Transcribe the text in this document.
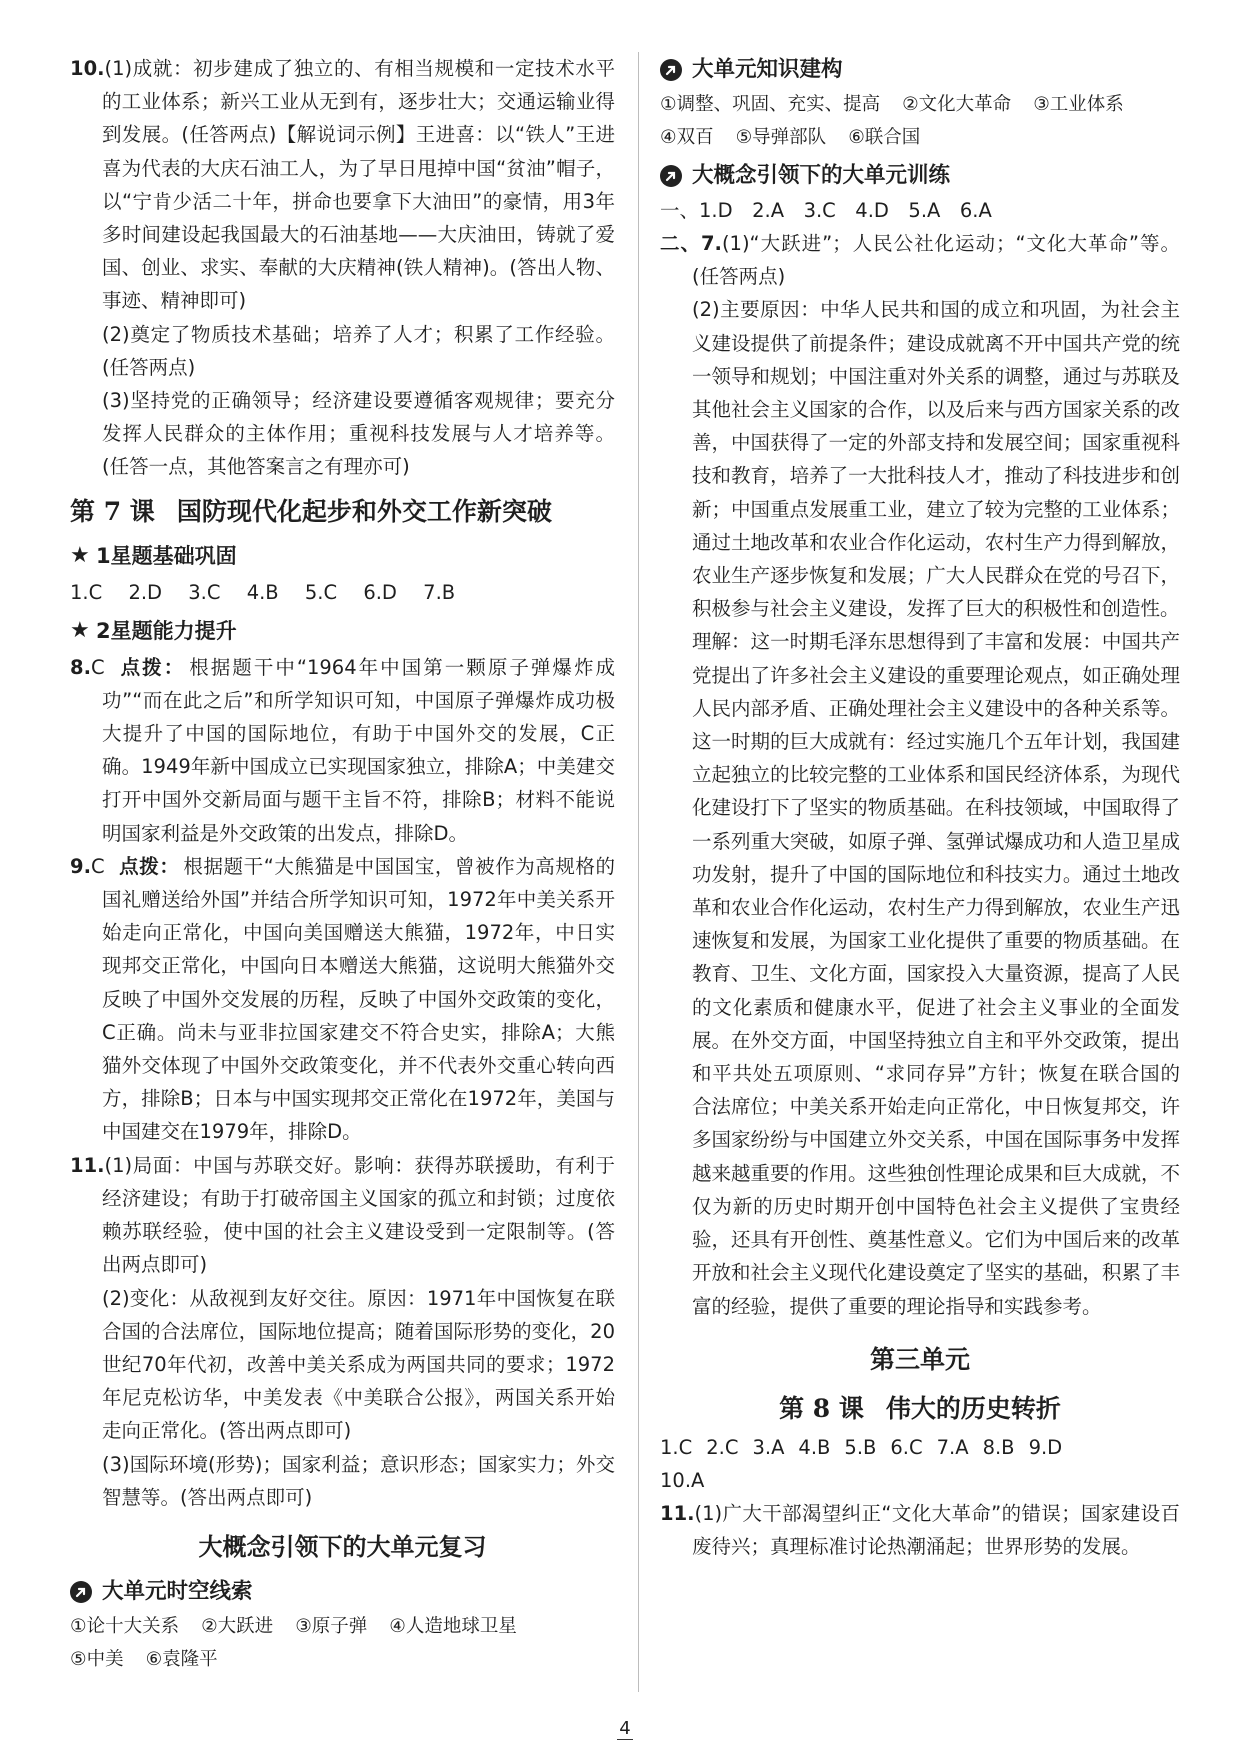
10.(1)成就：初步建成了独立的、有相当规模和一定技术水平的工业体系；新兴工业从无到有，逐步壮大；交通运输业得到发展。(任答两点)【解说词示例】王进喜：以“铁人”王进喜为代表的大庆石油工人，为了早日甩掉中国“贫油”帽子，以“宁肯少活二十年，拼命也要拿下大油田”的豪情，用3年多时间建设起我国最大的石油基地——大庆油田，铸就了爱国、创业、求实、奉献的大庆精神(铁人精神)。(答出人物、事迹、精神即可)

(2)奠定了物质技术基础；培养了人才；积累了工作经验。(任答两点)

(3)坚持党的正确领导；经济建设要遵循客观规律；要充分发挥人民群众的主体作用；重视科技发展与人才培养等。(任答一点，其他答案言之有理亦可)

第 7 课 国防现代化起步和外交工作新突破
★ 1星题基础巩固

1.C 2.D 3.C 4.B 5.C 6.D 7.B

★ 2星题能力提升

8.C 点拨： 根据题干中“1964年中国第一颗原子弹爆炸成功”“而在此之后”和所学知识可知，中国原子弹爆炸成功极大提升了中国的国际地位，有助于中国外交的发展，C正确。1949年新中国成立已实现国家独立，排除A；中美建交打开中国外交新局面与题干主旨不符，排除B；材料不能说明国家利益是外交政策的出发点，排除D。

9.C 点拨： 根据题干“大熊猫是中国国宝，曾被作为高规格的国礼赠送给外国”并结合所学知识可知，1972年中美关系开始走向正常化，中国向美国赠送大熊猫，1972年，中日实现邦交正常化，中国向日本赠送大熊猫，这说明大熊猫外交反映了中国外交发展的历程，反映了中国外交政策的变化，C正确。尚未与亚非拉国家建交不符合史实，排除A；大熊猫外交体现了中国外交政策变化，并不代表外交重心转向西方，排除B；日本与中国实现邦交正常化在1972年，美国与中国建交在1979年，排除D。

11.(1)局面：中国与苏联交好。影响：获得苏联援助，有利于经济建设；有助于打破帝国主义国家的孤立和封锁；过度依赖苏联经验，使中国的社会主义建设受到一定限制等。(答出两点即可)

(2)变化：从敌视到友好交往。原因：1971年中国恢复在联合国的合法席位，国际地位提高；随着国际形势的变化，20世纪70年代初，改善中美关系成为两国共同的要求；1972年尼克松访华，中美发表《中美联合公报》，两国关系开始走向正常化。(答出两点即可)

(3)国际环境(形势)；国家利益；意识形态；国家实力；外交智慧等。(答出两点即可)

大概念引领下的大单元复习
大单元时空线索

①论十大关系 ②大跃进 ③原子弹 ④人造地球卫星
⑤中美 ⑥袁隆平

大单元知识建构

①调整、巩固、充实、提高 ②文化大革命 ③工业体系
④双百 ⑤导弹部队 ⑥联合国

大概念引领下的大单元训练

一、1.D　2.A　3.C　4.D　5.A　6.A

二、7.(1)“大跃进”；人民公社化运动；“文化大革命”等。(任答两点)

(2)主要原因：中华人民共和国的成立和巩固，为社会主义建设提供了前提条件；建设成就离不开中国共产党的统一领导和规划；中国注重对外关系的调整，通过与苏联及其他社会主义国家的合作，以及后来与西方国家关系的改善，中国获得了一定的外部支持和发展空间；国家重视科技和教育，培养了一大批科技人才，推动了科技进步和创新；中国重点发展重工业，建立了较为完整的工业体系；通过土地改革和农业合作化运动，农村生产力得到解放，农业生产逐步恢复和发展；广大人民群众在党的号召下，积极参与社会主义建设，发挥了巨大的积极性和创造性。

理解：这一时期毛泽东思想得到了丰富和发展：中国共产党提出了许多社会主义建设的重要理论观点，如正确处理人民内部矛盾、正确处理社会主义建设中的各种关系等。这一时期的巨大成就有：经过实施几个五年计划，我国建立起独立的比较完整的工业体系和国民经济体系，为现代化建设打下了坚实的物质基础。在科技领域，中国取得了一系列重大突破，如原子弹、氢弹试爆成功和人造卫星成功发射，提升了中国的国际地位和科技实力。通过土地改革和农业合作化运动，农村生产力得到解放，农业生产迅速恢复和发展，为国家工业化提供了重要的物质基础。在教育、卫生、文化方面，国家投入大量资源，提高了人民的文化素质和健康水平，促进了社会主义事业的全面发展。在外交方面，中国坚持独立自主和平外交政策，提出和平共处五项原则、“求同存异”方针；恢复在联合国的合法席位；中美关系开始走向正常化，中日恢复邦交，许多国家纷纷与中国建立外交关系，中国在国际事务中发挥越来越重要的作用。这些独创性理论成果和巨大成就，不仅为新的历史时期开创中国特色社会主义提供了宝贵经验，还具有开创性、奠基性意义。它们为中国后来的改革开放和社会主义现代化建设奠定了坚实的基础，积累了丰富的经验，提供了重要的理论指导和实践参考。

第三单元
第 8 课 伟大的历史转折

1.C 2.C 3.A 4.B 5.B 6.C 7.A 8.B 9.D
10.A

11.(1)广大干部渴望纠正“文化大革命”的错误；国家建设百废待兴；真理标准讨论热潮涌起；世界形势的发展。

4
